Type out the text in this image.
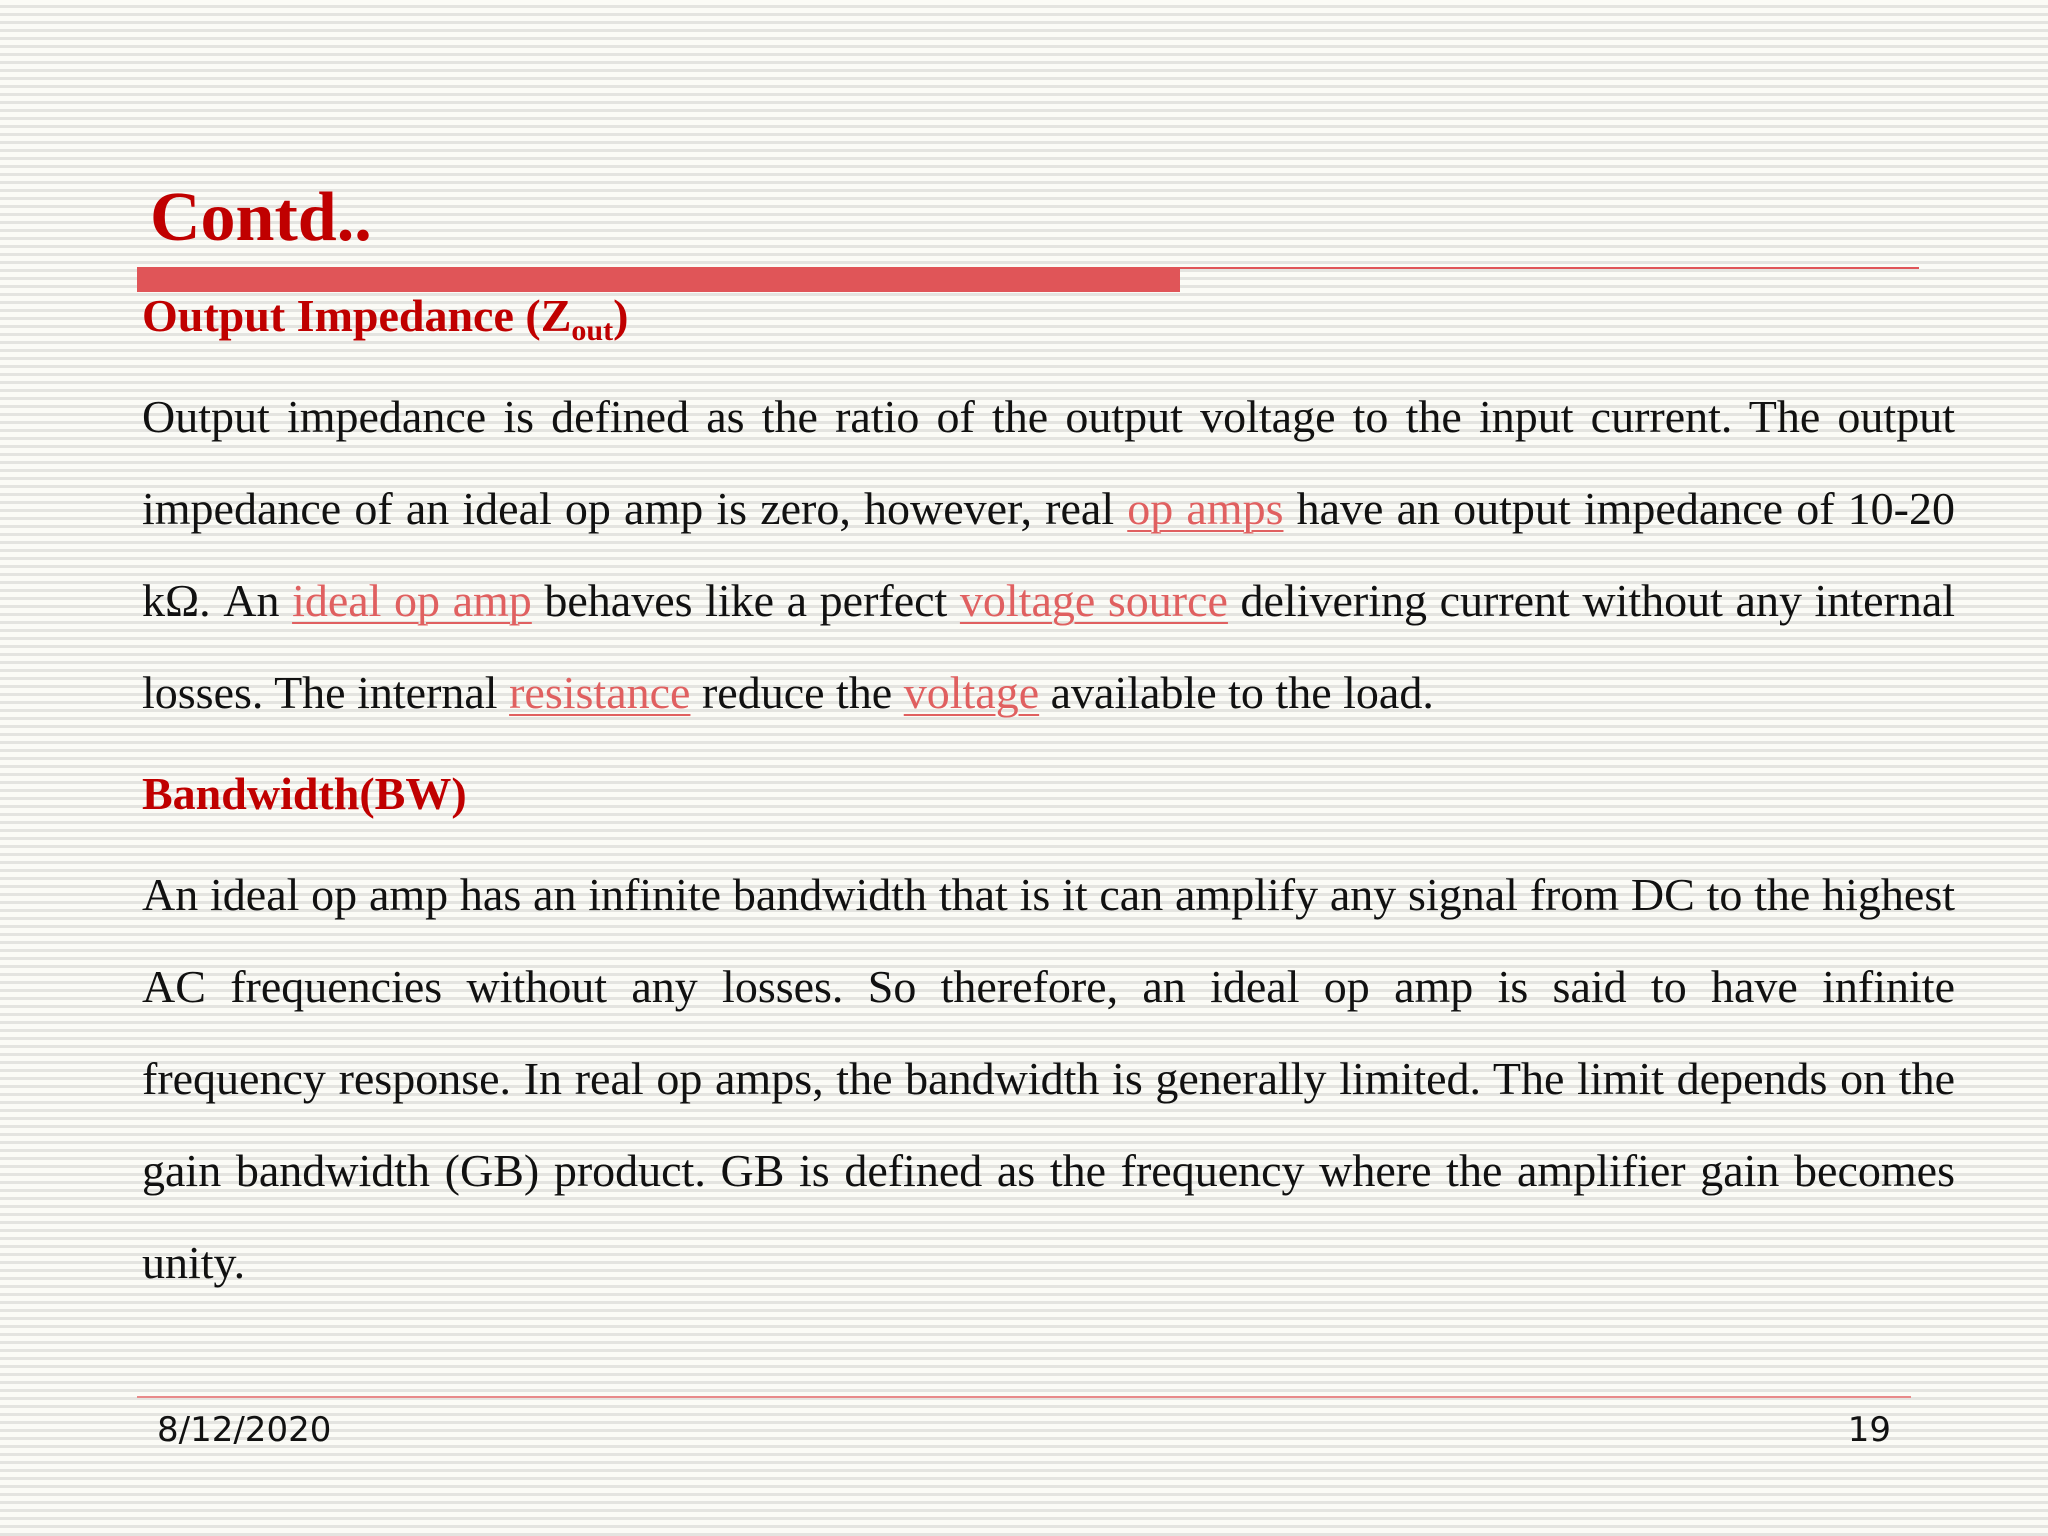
Contd..
Output Impedance $(Z_{out})$

Output impedance is defined as the ratio of the output voltage to the input current. The output impedance of an ideal op amp is zero, however, real op amps have an output impedance of 10-20 kΩ. An ideal op amp behaves like a perfect voltage source delivering current without any internal losses. The internal resistance reduce the voltage available to the load.

Bandwidth(BW)

An ideal op amp has an infinite bandwidth that is it can amplify any signal from DC to the highest AC frequencies without any losses. So therefore, an ideal op amp is said to have infinite frequency response. In real op amps, the bandwidth is generally limited. The limit depends on the gain bandwidth (GB) product. GB is defined as the frequency where the amplifier gain becomes unity.

8/12/2020	19
